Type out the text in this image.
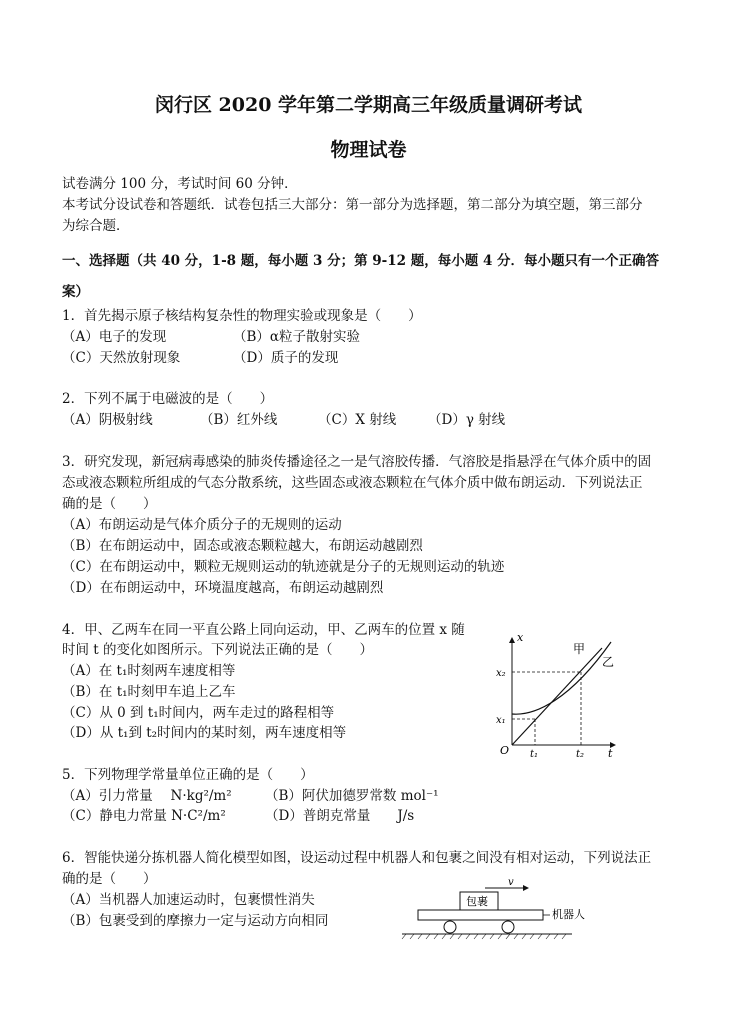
闵行区 2020 学年第二学期高三年级质量调研考试
物理试卷
试卷满分 100 分，考试时间 60 分钟．
本考试分设试卷和答题纸．试卷包括三大部分：第一部分为选择题，第二部分为填空题，第三部分
为综合题．
一、选择题（共 40 分，1-8 题，每小题 3 分；第 9-12 题，每小题 4 分．每小题只有一个正确答
案）
1．首先揭示原子核结构复杂性的物理实验或现象是（　　）
（A）电子的发现	（B）α粒子散射实验
（C）天然放射现象	（D）质子的发现
2．下列不属于电磁波的是（　　）
（A）阴极射线	（B）红外线	（C）X 射线 （D）γ 射线
3．研究发现，新冠病毒感染的肺炎传播途径之一是气溶胶传播．气溶胶是指悬浮在气体介质中的固
态或液态颗粒所组成的气态分散系统，这些固态或液态颗粒在气体介质中做布朗运动．下列说法正
确的是（　　）
（A）布朗运动是气体介质分子的无规则的运动
（B）在布朗运动中，固态或液态颗粒越大，布朗运动越剧烈
（C）在布朗运动中，颗粒无规则运动的轨迹就是分子的无规则运动的轨迹
（D）在布朗运动中，环境温度越高，布朗运动越剧烈
4．甲、乙两车在同一平直公路上同向运动，甲、乙两车的位置 x 随
时间 t 的变化如图所示。下列说法正确的是（　　）
（A）在 t₁时刻两车速度相等
（B）在 t₁时刻甲车追上乙车
（C）从 0 到 t₁时间内，两车走过的路程相等
（D）从 t₁到 t₂时间内的某时刻，两车速度相等
x
t
O t₁	t₂
x₁
x₂
甲
乙
5．下列物理学常量单位正确的是（　　）
（A）引力常量　 N·kg²/m² （B）阿伏加德罗常数 mol⁻¹
（C）静电力常量 N·C²/m²	（D）普朗克常量　　J/s
6．智能快递分拣机器人简化模型如图，设运动过程中机器人和包裹之间没有相对运动，下列说法正
确的是（　　）
（A）当机器人加速运动时，包裹惯性消失
（B）包裹受到的摩擦力一定与运动方向相同
v
包裹
机器人
